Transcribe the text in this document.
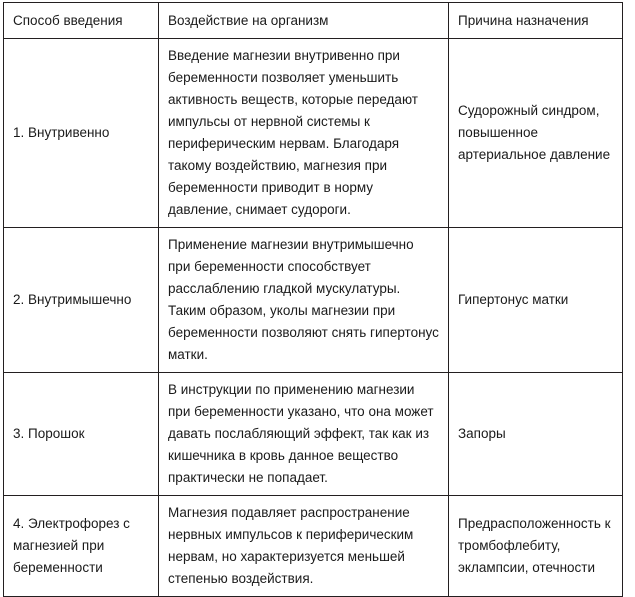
Способ введения	Воздействие на организм	Причина назначения

1. Внутривенно	Введение магнезии внутривенно при беременности позволяет уменьшить активность веществ, которые передают импульсы от нервной системы к периферическим нервам. Благодаря такому воздействию, магнезия при беременности приводит в норму давление, снимает судороги.	Судорожный синдром, повышенное артериальное давление

2. Внутримышечно	Применение магнезии внутримышечно при беременности способствует расслаблению гладкой мускулатуры. Таким образом, уколы магнезии при беременности позволяют снять гипертонус матки.	Гипертонус матки

3. Порошок	В инструкции по применению магнезии при беременности указано, что она может давать послабляющий эффект, так как из кишечника в кровь данное вещество практически не попадает.	Запоры

4. Электрофорез с магнезией при беременности	Магнезия подавляет распространение нервных импульсов к периферическим нервам, но характеризуется меньшей степенью воздействия.	Предрасположенность к тромбофлебиту, эклампсии, отечности
